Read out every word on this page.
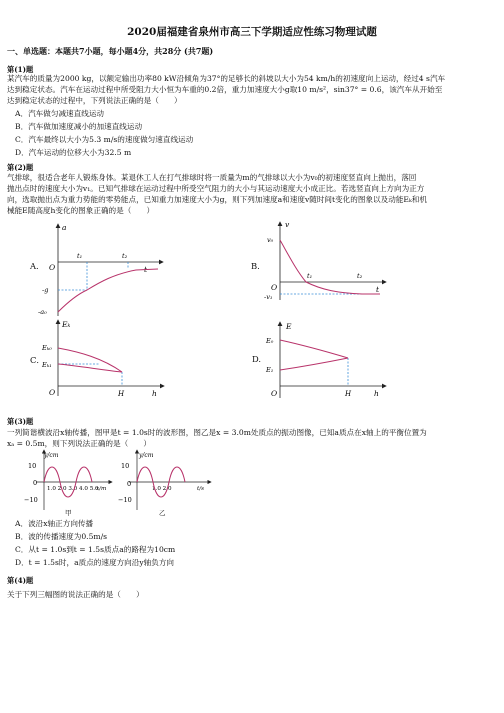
2020届福建省泉州市高三下学期适应性练习物理试题
一、单选题：本题共7小题，每小题4分，共28分 (共7题)
第(1)题
某汽车的质量为2000 kg，以额定输出功率80 kW沿倾角为37°的足够长的斜坡以大小为54 km/h的初速度向上运动，经过4 s汽车
达到稳定状态。汽车在运动过程中所受阻力大小恒为车重的0.2倍，重力加速度大小g取10 m/s²，sin37° = 0.6，该汽车从开始至
达到稳定状态的过程中，下列说法正确的是（　　）
A．汽车做匀减速直线运动
B．汽车做加速度减小的加速直线运动
C．汽车最终以大小为5.3 m/s的速度做匀速直线运动
D．汽车运动的位移大小为32.5 m
第(2)题
气排球，很适合老年人锻炼身体。某退休工人在打气排球时将一质量为m的气排球以大小为v₀的初速度竖直向上抛出，落回
抛出点时的速度大小为v₁。已知气排球在运动过程中所受空气阻力的大小与其运动速度大小成正比。若选竖直向上方向为正方
向，选取抛出点为重力势能的零势能点，已知重力加速度大小为g，则下列加速度a和速度v随时间t变化的图象以及动能Eₖ和机
械能E随高度h变化的图象正确的是（　　）
A.
a
t
O
t₁	t₂
-g
-a₀
B.
v
t
O
v₀
-v₁
t₁	t₂
C．
Eₖ
h
O	H
Eₖ₀
Eₖ₁
D.
E
h
O	H
E₀
E₁
第(3)题
一列简谐横波沿x轴传播，图甲是t = 1.0s时的波形图，图乙是x = 3.0m处质点的振动图像，已知a质点在x轴上的平衡位置为
xₐ = 0.5m，则下列说法正确的是（　　）
y/cm
10
0
−10
1.0 2.0 3.0 4.0 5.0
x/m
甲
y/cm
10
0
−10
1.0 2.0	t/s
乙
A．波沿x轴正方向传播
B．波的传播速度为0.5m/s
C．从t = 1.0s到t = 1.5s质点a的路程为10cm
D．t = 1.5s时，a质点的速度方向沿y轴负方向
第(4)题
关于下列三幅图的说法正确的是（　　）
